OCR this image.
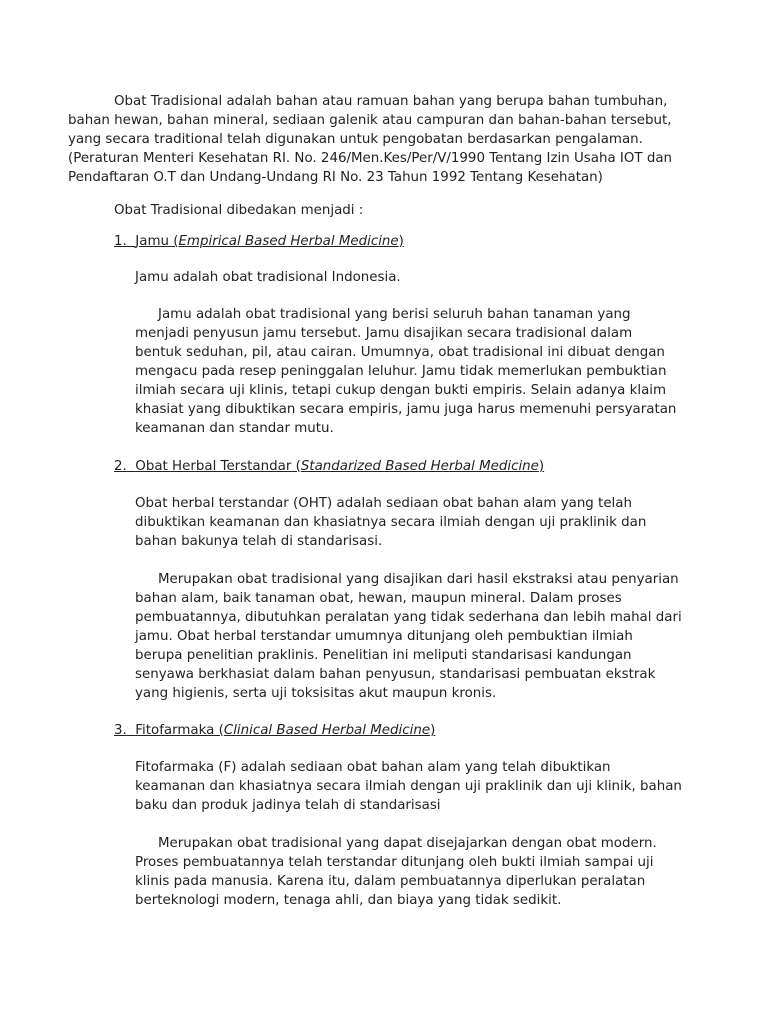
Obat Tradisional adalah bahan atau ramuan bahan yang berupa bahan tumbuhan,
bahan hewan, bahan mineral, sediaan galenik atau campuran dan bahan-bahan tersebut,
yang secara traditional telah digunakan untuk pengobatan berdasarkan pengalaman.
(Peraturan Menteri Kesehatan RI. No. 246/Men.Kes/Per/V/1990 Tentang Izin Usaha IOT dan
Pendaftaran O.T dan Undang-Undang RI No. 23 Tahun 1992 Tentang Kesehatan)
Obat Tradisional dibedakan menjadi :
1. Jamu (Empirical Based Herbal Medicine)
Jamu adalah obat tradisional Indonesia.
Jamu adalah obat tradisional yang berisi seluruh bahan tanaman yang
menjadi penyusun jamu tersebut. Jamu disajikan secara tradisional dalam
bentuk seduhan, pil, atau cairan. Umumnya, obat tradisional ini dibuat dengan
mengacu pada resep peninggalan leluhur. Jamu tidak memerlukan pembuktian
ilmiah secara uji klinis, tetapi cukup dengan bukti empiris. Selain adanya klaim
khasiat yang dibuktikan secara empiris, jamu juga harus memenuhi persyaratan
keamanan dan standar mutu.
2. Obat Herbal Terstandar (Standarized Based Herbal Medicine)
Obat herbal terstandar (OHT) adalah sediaan obat bahan alam yang telah
dibuktikan keamanan dan khasiatnya secara ilmiah dengan uji praklinik dan
bahan bakunya telah di standarisasi.
Merupakan obat tradisional yang disajikan dari hasil ekstraksi atau penyarian
bahan alam, baik tanaman obat, hewan, maupun mineral. Dalam proses
pembuatannya, dibutuhkan peralatan yang tidak sederhana dan lebih mahal dari
jamu. Obat herbal terstandar umumnya ditunjang oleh pembuktian ilmiah
berupa penelitian praklinis. Penelitian ini meliputi standarisasi kandungan
senyawa berkhasiat dalam bahan penyusun, standarisasi pembuatan ekstrak
yang higienis, serta uji toksisitas akut maupun kronis.
3. Fitofarmaka (Clinical Based Herbal Medicine)
Fitofarmaka (F) adalah sediaan obat bahan alam yang telah dibuktikan
keamanan dan khasiatnya secara ilmiah dengan uji praklinik dan uji klinik, bahan
baku dan produk jadinya telah di standarisasi
Merupakan obat tradisional yang dapat disejajarkan dengan obat modern.
Proses pembuatannya telah terstandar ditunjang oleh bukti ilmiah sampai uji
klinis pada manusia. Karena itu, dalam pembuatannya diperlukan peralatan
berteknologi modern, tenaga ahli, dan biaya yang tidak sedikit.
